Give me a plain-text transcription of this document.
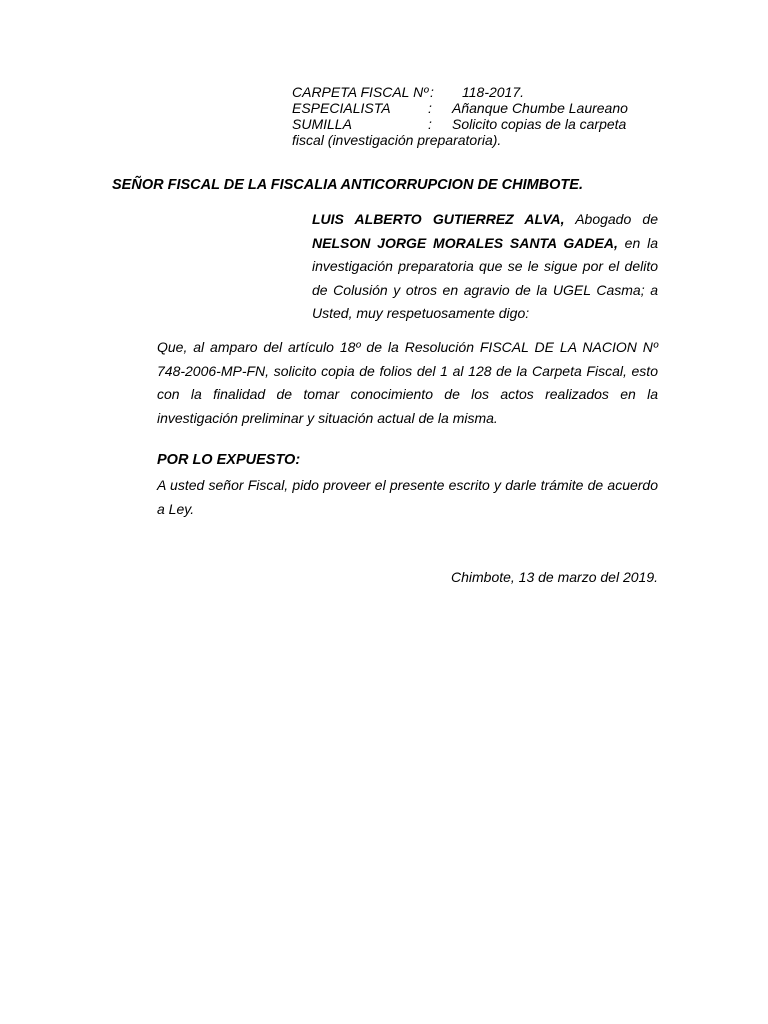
CARPETA FISCAL Nº :	118-2017.
ESPECIALISTA	:	Añanque Chumbe Laureano
SUMILLA	:	Solicito copias de la carpeta
fiscal (investigación preparatoria).
SEÑOR FISCAL DE LA FISCALIA ANTICORRUPCION DE CHIMBOTE.
LUIS ALBERTO GUTIERREZ ALVA, Abogado de NELSON JORGE MORALES SANTA GADEA, en la investigación preparatoria que se le sigue por el delito de Colusión y otros en agravio de la UGEL Casma; a Usted, muy respetuosamente digo:
Que, al amparo del artículo 18º de la Resolución FISCAL DE LA NACION Nº 748-2006-MP-FN, solicito copia de folios del 1 al 128 de la Carpeta Fiscal, esto con la finalidad de tomar conocimiento de los actos realizados en la investigación preliminar y situación actual de la misma.
POR LO EXPUESTO:
A usted señor Fiscal, pido proveer el presente escrito y darle trámite de acuerdo a Ley.
Chimbote, 13 de marzo del 2019.
